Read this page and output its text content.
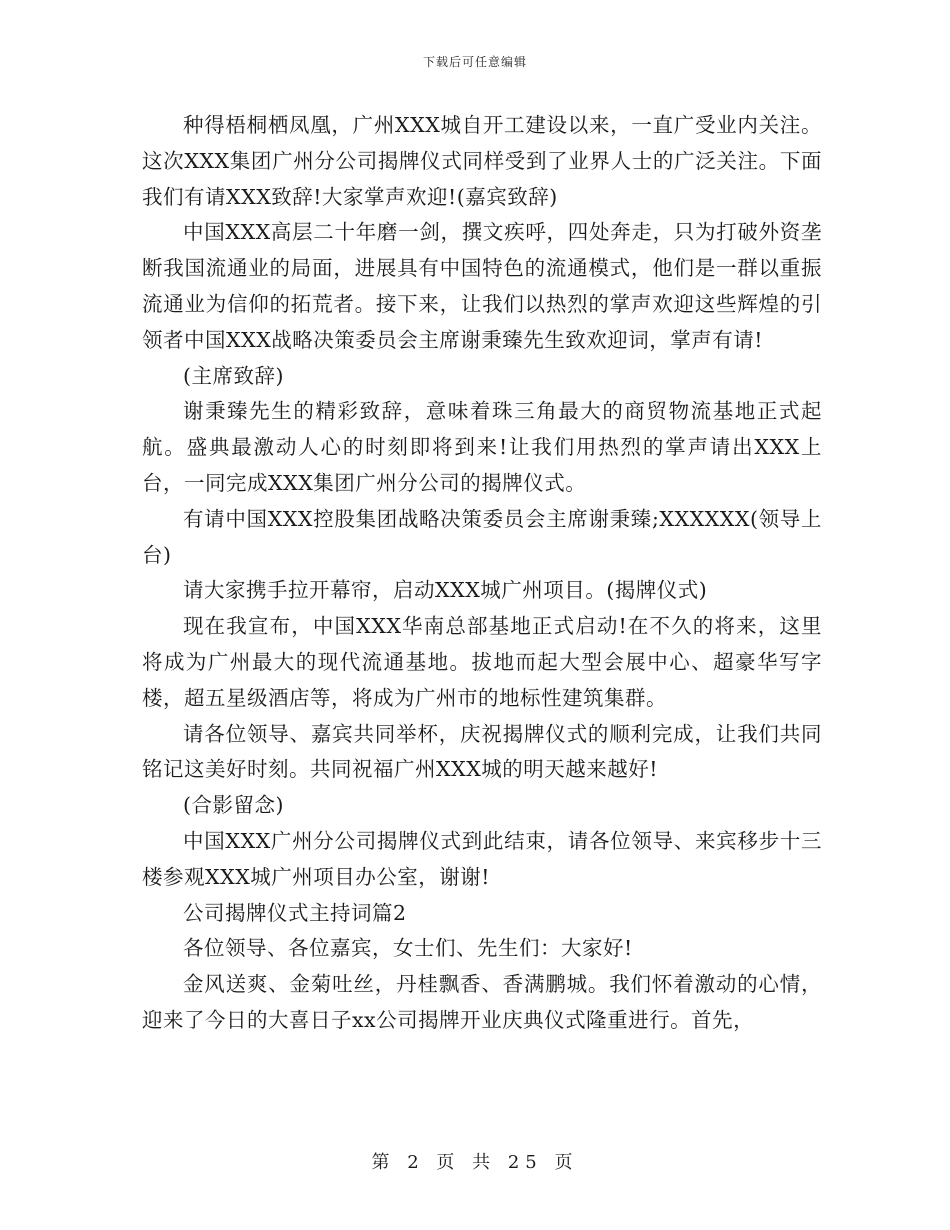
下载后可任意编辑

种得梧桐栖凤凰，广州XXX城自开工建设以来，一直广受业内关注。这次XXX集团广州分公司揭牌仪式同样受到了业界人士的广泛关注。下面我们有请XXX致辞!大家掌声欢迎!(嘉宾致辞)

中国XXX高层二十年磨一剑，撰文疾呼，四处奔走，只为打破外资垄断我国流通业的局面，进展具有中国特色的流通模式，他们是一群以重振流通业为信仰的拓荒者。接下来，让我们以热烈的掌声欢迎这些辉煌的引领者中国XXX战略决策委员会主席谢秉臻先生致欢迎词，掌声有请!

(主席致辞)

谢秉臻先生的精彩致辞，意味着珠三角最大的商贸物流基地正式起航。盛典最激动人心的时刻即将到来!让我们用热烈的掌声请出XXX上台，一同完成XXX集团广州分公司的揭牌仪式。

有请中国XXX控股集团战略决策委员会主席谢秉臻;XXXXXX(领导上台)

请大家携手拉开幕帘，启动XXX城广州项目。(揭牌仪式)

现在我宣布，中国XXX华南总部基地正式启动!在不久的将来，这里将成为广州最大的现代流通基地。拔地而起大型会展中心、超豪华写字楼，超五星级酒店等，将成为广州市的地标性建筑集群。

请各位领导、嘉宾共同举杯，庆祝揭牌仪式的顺利完成，让我们共同铭记这美好时刻。共同祝福广州XXX城的明天越来越好!

(合影留念)

中国XXX广州分公司揭牌仪式到此结束，请各位领导、来宾移步十三楼参观XXX城广州项目办公室，谢谢!

公司揭牌仪式主持词篇2

各位领导、各位嘉宾，女士们、先生们：大家好!

金风送爽、金菊吐丝，丹桂飘香、香满鹏城。我们怀着激动的心情，迎来了今日的大喜日子xx公司揭牌开业庆典仪式隆重进行。首先，

第 2 页 共 25 页
